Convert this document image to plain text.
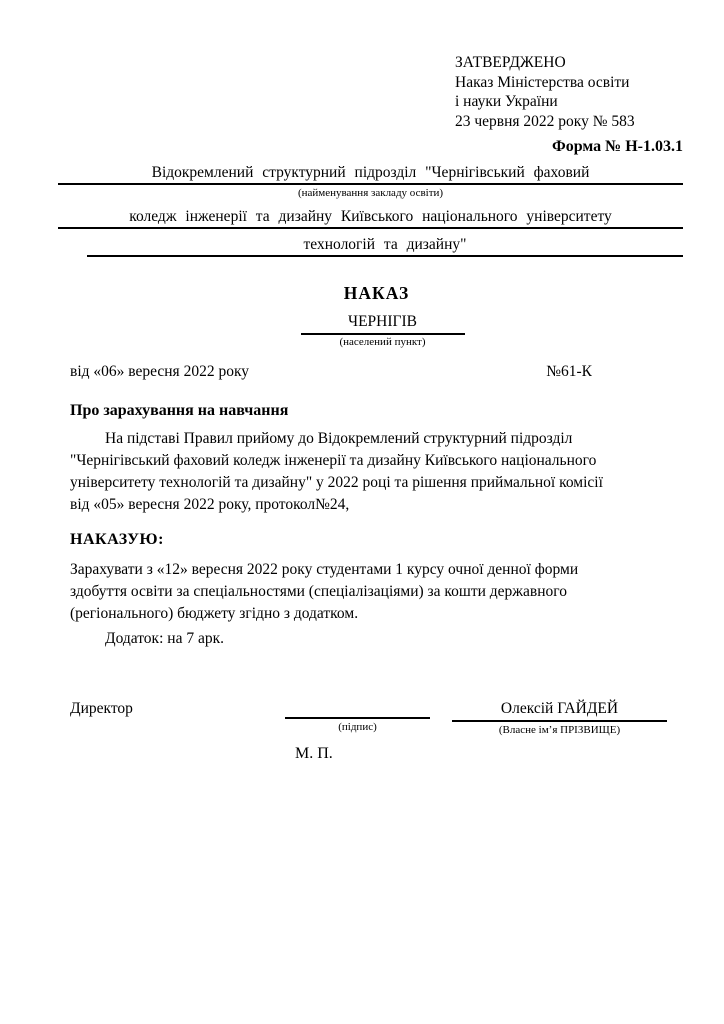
ЗАТВЕРДЖЕНО
Наказ Міністерства освіти
і науки України
23 червня 2022 року № 583
Форма № Н-1.03.1
Відокремлений структурний підрозділ "Чернігівський фаховий
(найменування закладу освіти)
коледж інженерії та дизайну Київського національного університету
технологій та дизайну"
НАКАЗ
ЧЕРНІГІВ
(населений пункт)
від «06» вересня 2022 року	№61-К
Про зарахування на навчання
На підставі Правил прийому до Відокремлений структурний підрозділ
"Чернігівський фаховий коледж інженерії та дизайну Київського національного
університету технологій та дизайну" у 2022 році та рішення приймальної комісії
від «05» вересня 2022 року, протокол№24,
НАКАЗУЮ:
Зарахувати з «12» вересня 2022 року студентами 1 курсу очної денної форми
здобуття освіти за спеціальностями (спеціалізаціями) за кошти державного
(регіонального) бюджету згідно з додатком.
Додаток: на 7 арк.
Директор
(підпис)
Олексій ГАЙДЕЙ
(Власне ім’я ПРІЗВИЩЕ)
М. П.
